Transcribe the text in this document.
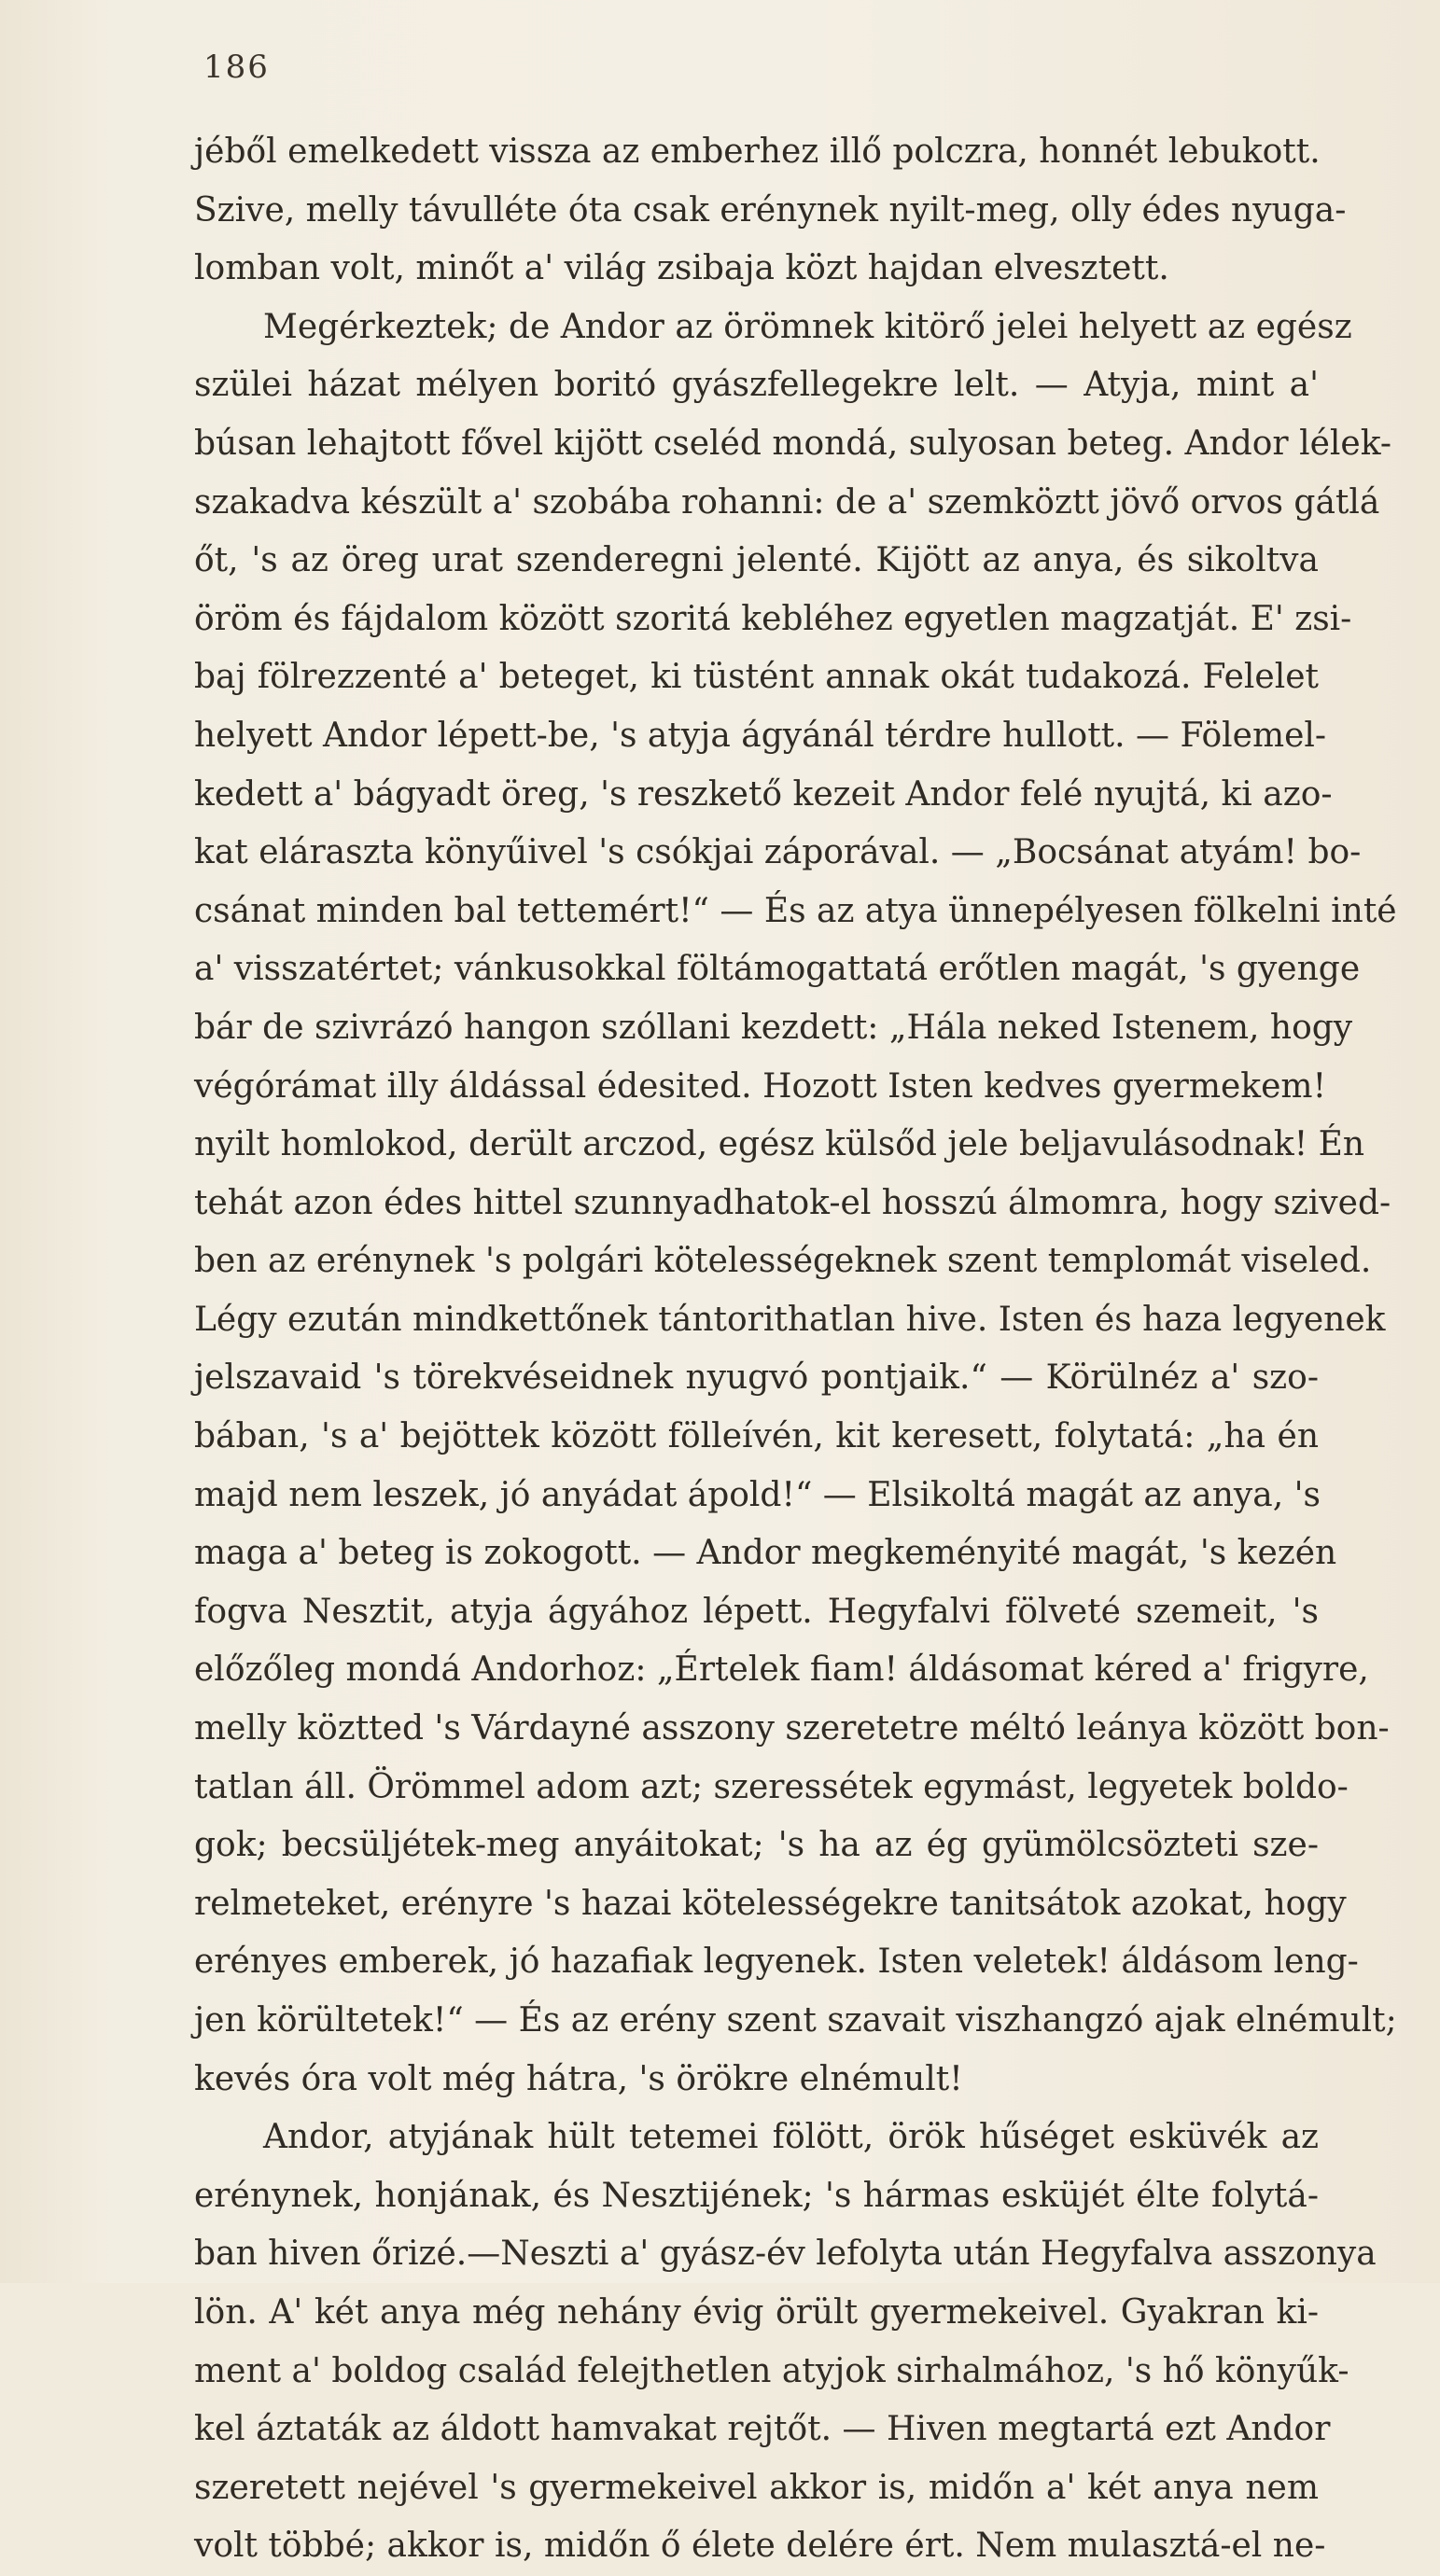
186
jéből emelkedett vissza az emberhez illő polczra, honnét lebukott.
Szive, melly távulléte óta csak erénynek nyilt-meg, olly édes nyuga-
lomban volt, minőt a' világ zsibaja közt hajdan elvesztett.
Megérkeztek; de Andor az örömnek kitörő jelei helyett az egész
szülei házat mélyen boritó gyászfellegekre lelt. — Atyja, mint a'
búsan lehajtott fővel kijött cseléd mondá, sulyosan beteg. Andor lélek-
szakadva készült a' szobába rohanni: de a' szemköztt jövő orvos gátlá
őt, 's az öreg urat szenderegni jelenté. Kijött az anya, és sikoltva
öröm és fájdalom között szoritá kebléhez egyetlen magzatját. E' zsi-
baj fölrezzenté a' beteget, ki tüstént annak okát tudakozá. Felelet
helyett Andor lépett-be, 's atyja ágyánál térdre hullott. — Fölemel-
kedett a' bágyadt öreg, 's reszkető kezeit Andor felé nyujtá, ki azo-
kat eláraszta könyűivel 's csókjai záporával. — „Bocsánat atyám! bo-
csánat minden bal tettemért!“ — És az atya ünnepélyesen fölkelni inté
a' visszatértet; vánkusokkal föltámogattatá erőtlen magát, 's gyenge
bár de szivrázó hangon szóllani kezdett: „Hála neked Istenem, hogy
végórámat illy áldással édesited. Hozott Isten kedves gyermekem!
nyilt homlokod, derült arczod, egész külsőd jele beljavulásodnak! Én
tehát azon édes hittel szunnyadhatok-el hosszú álmomra, hogy szived-
ben az erénynek 's polgári kötelességeknek szent templomát viseled.
Légy ezután mindkettőnek tántorithatlan hive. Isten és haza legyenek
jelszavaid 's törekvéseidnek nyugvó pontjaik.“ — Körülnéz a' szo-
bában, 's a' bejöttek között fölleívén, kit keresett, folytatá: „ha én
majd nem leszek, jó anyádat ápold!“ — Elsikoltá magát az anya, 's
maga a' beteg is zokogott. — Andor megkeményité magát, 's kezén
fogva Nesztit, atyja ágyához lépett. Hegyfalvi fölveté szemeit, 's
előzőleg mondá Andorhoz: „Értelek fiam! áldásomat kéred a' frigyre,
melly köztted 's Várdayné asszony szeretetre méltó leánya között bon-
tatlan áll. Örömmel adom azt; szeressétek egymást, legyetek boldo-
gok; becsüljétek-meg anyáitokat; 's ha az ég gyümölcsözteti sze-
relmeteket, erényre 's hazai kötelességekre tanitsátok azokat, hogy
erényes emberek, jó hazafiak legyenek. Isten veletek! áldásom leng-
jen körültetek!“ — És az erény szent szavait viszhangzó ajak elnémult;
kevés óra volt még hátra, 's örökre elnémult!
Andor, atyjának hült tetemei fölött, örök hűséget esküvék az
erénynek, honjának, és Nesztijének; 's hármas esküjét élte folytá-
ban hiven őrizé.—Neszti a' gyász-év lefolyta után Hegyfalva asszonya
lön. A' két anya még nehány évig örült gyermekeivel. Gyakran ki-
ment a' boldog család felejthetlen atyjok sirhalmához, 's hő könyűk-
kel áztaták az áldott hamvakat rejtőt. — Hiven megtartá ezt Andor
szeretett nejével 's gyermekeivel akkor is, midőn a' két anya nem
volt többé; akkor is, midőn ő élete delére ért. Nem mulasztá-el ne-
